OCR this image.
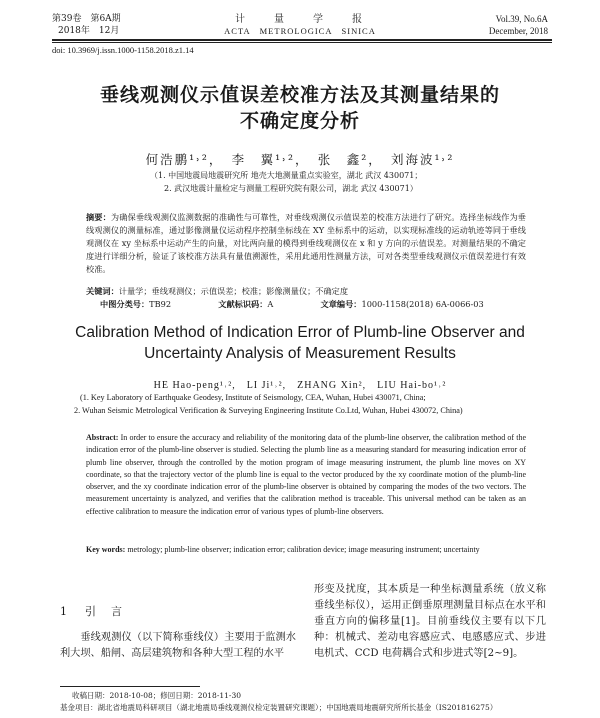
第39卷　第6A期
2018年　12月
计　　量　　学　　报
ACTA　METROLOGICA　SINICA
Vol.39, No.6A
December, 2018
doi: 10.3969/j.issn.1000-1158.2018.z1.14
垂线观测仪示值误差校准方法及其测量结果的
不确定度分析
何浩鹏¹˒²，　李　翼¹˒²，　张　鑫²，　刘海波¹˒²
（1. 中国地震局地震研究所 地壳大地测量重点实验室，湖北 武汉 430071；
2. 武汉地震计量检定与测量工程研究院有限公司，湖北 武汉 430071）
摘要：为确保垂线观测仪监测数据的准确性与可靠性，对垂线观测仪示值误差的校准方法进行了研究。选择坐标线作为垂线观测仪的测量标准，通过影像测量仪运动程序控制坐标线在 XY 坐标系中的运动，以实现标准线的运动轨迹等同于垂线观测仪在 xy 坐标系中运动产生的向量，对比两向量的模得到垂线观测仪在 x 和 y 方向的示值误差。对测量结果的不确定度进行详细分析，验证了该校准方法具有量值溯源性，采用此通用性测量方法，可对各类型垂线观测仪示值误差进行有效校准。
关键词：计量学；垂线观测仪；示值误差；校准；影像测量仪；不确定度
中图分类号：TB92	文献标识码：A	文章编号：1000-1158(2018) 6A-0066-03
Calibration Method of Indication Error of Plumb-line Observer and
Uncertainty Analysis of Measurement Results
HE Hao-peng¹˒²,　LI Ji¹˒²,　ZHANG Xin²,　LIU Hai-bo¹˒²
(1. Key Laboratory of Earthquake Geodesy, Institute of Seismology, CEA, Wuhan, Hubei 430071, China;
2. Wuhan Seismic Metrological Verification & Surveying Engineering Institute Co.Ltd, Wuhan, Hubei 430072, China)
Abstract: In order to ensure the accuracy and reliability of the monitoring data of the plumb-line observer, the calibration method of the indication error of the plumb-line observer is studied. Selecting the plumb line as a measuring standard for measuring indication error of plumb line observer, through the controlled by the motion program of image measuring instrument, the plumb line moves on XY coordinate, so that the trajectory vector of the plumb line is equal to the vector produced by the xy coordinate motion of the plumb-line observer, and the xy coordinate indication error of the plumb-line observer is obtained by comparing the modes of the two vectors. The measurement uncertainty is analyzed, and verifies that the calibration method is traceable. This universal method can be taken as an effective calibration to measure the indication error of various types of plumb-line observers.
Key words: metrology; plumb-line observer; indication error; calibration device; image measuring instrument; uncertainty
1 引　言
垂线观测仪（以下简称垂线仪）主要用于监测水利大坝、船闸、高层建筑物和各种大型工程的水平
形变及扰度，其本质是一种坐标测量系统（放义称垂线坐标仪），运用正倒垂原理测量目标点在水平和垂直方向的偏移量[1]。目前垂线仪主要有以下几种：机械式、差动电容感应式、电感感应式、步进电机式、CCD 电荷耦合式和步进式等[2~9]。
收稿日期：2018-10-08；修回日期：2018-11-30
基金项目：湖北省地震局科研项目（湖北地震局垂线观测仪检定装置研究课题）；中国地震局地震研究所所长基金（IS201816275）
